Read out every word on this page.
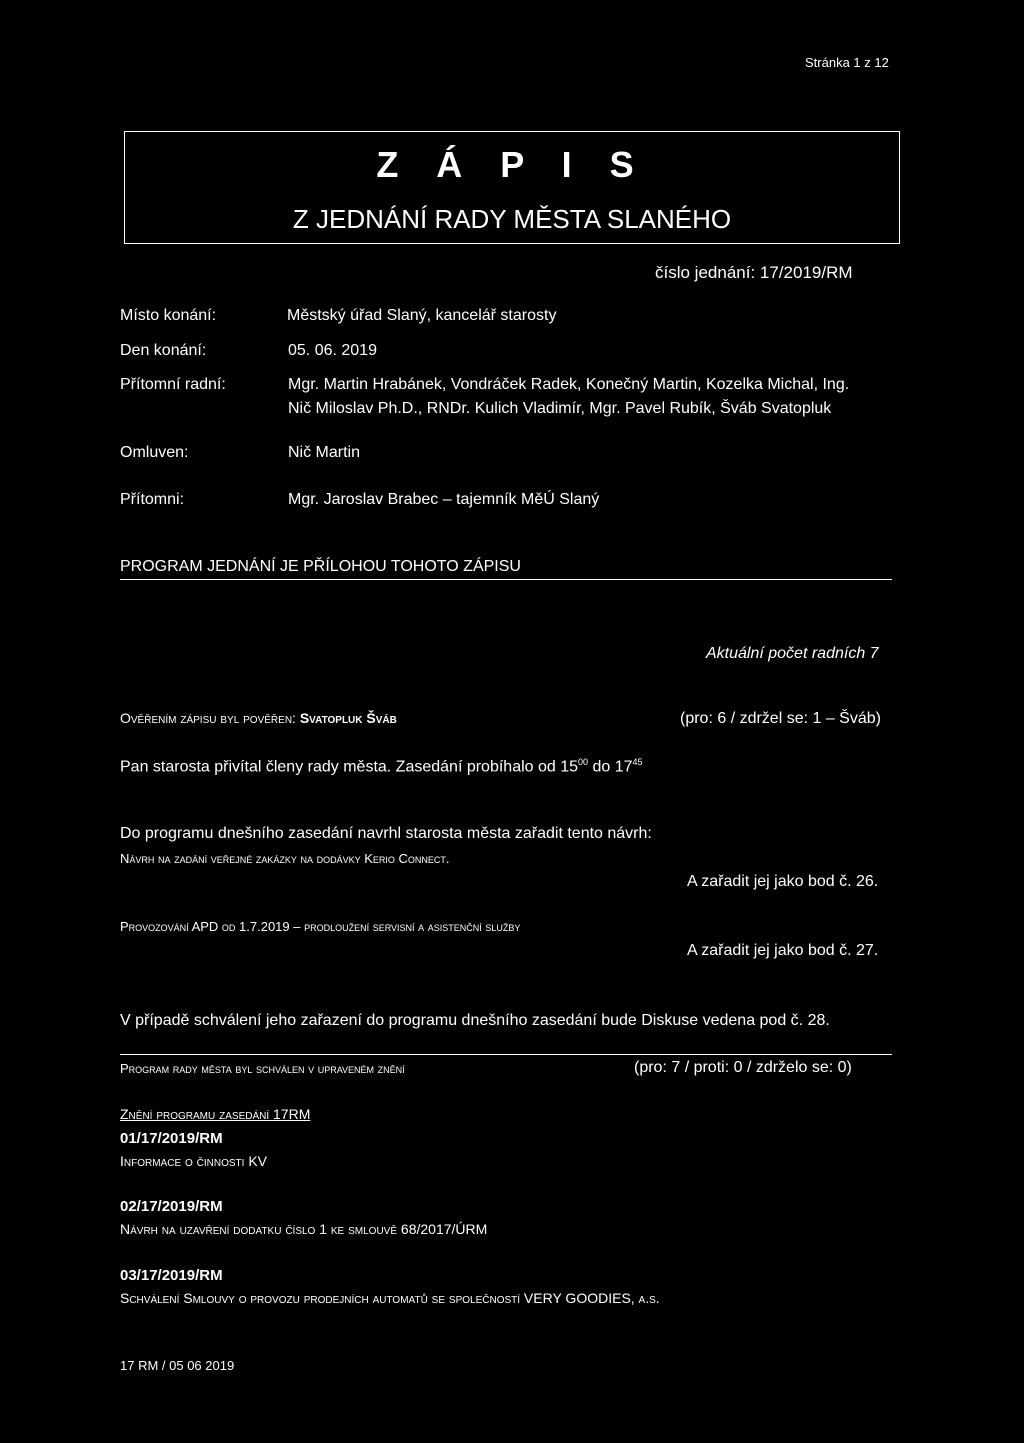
Stránka 1 z 12
Z Á P I S
Z JEDNÁNÍ RADY MĚSTA SLANÉHO
číslo jednání: 17/2019/RM
Místo konání:	Městský úřad Slaný, kancelář starosty
Den konání:	05. 06. 2019
Přítomní radní:	Mgr. Martin Hrabánek, Vondráček Radek, Konečný Martin, Kozelka Michal, Ing.
Nič Miloslav Ph.D., RNDr. Kulich Vladimír, Mgr. Pavel Rubík, Šváb Svatopluk
Omluven:	Nič Martin
Přítomni:	Mgr. Jaroslav Brabec – tajemník MěÚ Slaný
PROGRAM JEDNÁNÍ JE PŘÍLOHOU TOHOTO ZÁPISU
Aktuální počet radních 7
Ověřením zápisu byl pověřen: Svatopluk Šváb	(pro: 6 / zdržel se: 1 – Šváb)
Pan starosta přivítal členy rady města. Zasedání probíhalo od $15^{00}$ do $17^{45}$
Do programu dnešního zasedání navrhl starosta města zařadit tento návrh:
Návrh na zadání veřejné zakázky na dodávky Kerio Connect.
A zařadit jej jako bod č. 26.
Provozování APD od 1.7.2019 – prodloužení servisní a asistenční služby
A zařadit jej jako bod č. 27.
V případě schválení jeho zařazení do programu dnešního zasedání bude Diskuse vedena pod č. 28.
Program rady města byl schválen v upraveném znění	(pro: 7 / proti: 0 / zdrželo se: 0)
Znění programu zasedání 17RM
01/17/2019/RM
Informace o činnosti KV
02/17/2019/RM
Návrh na uzavření dodatku číslo 1 ke smlouvě 68/2017/ÚRM
03/17/2019/RM
Schválení Smlouvy o provozu prodejních automatů se společností VERY GOODIES, a.s.
17 RM / 05 06 2019
